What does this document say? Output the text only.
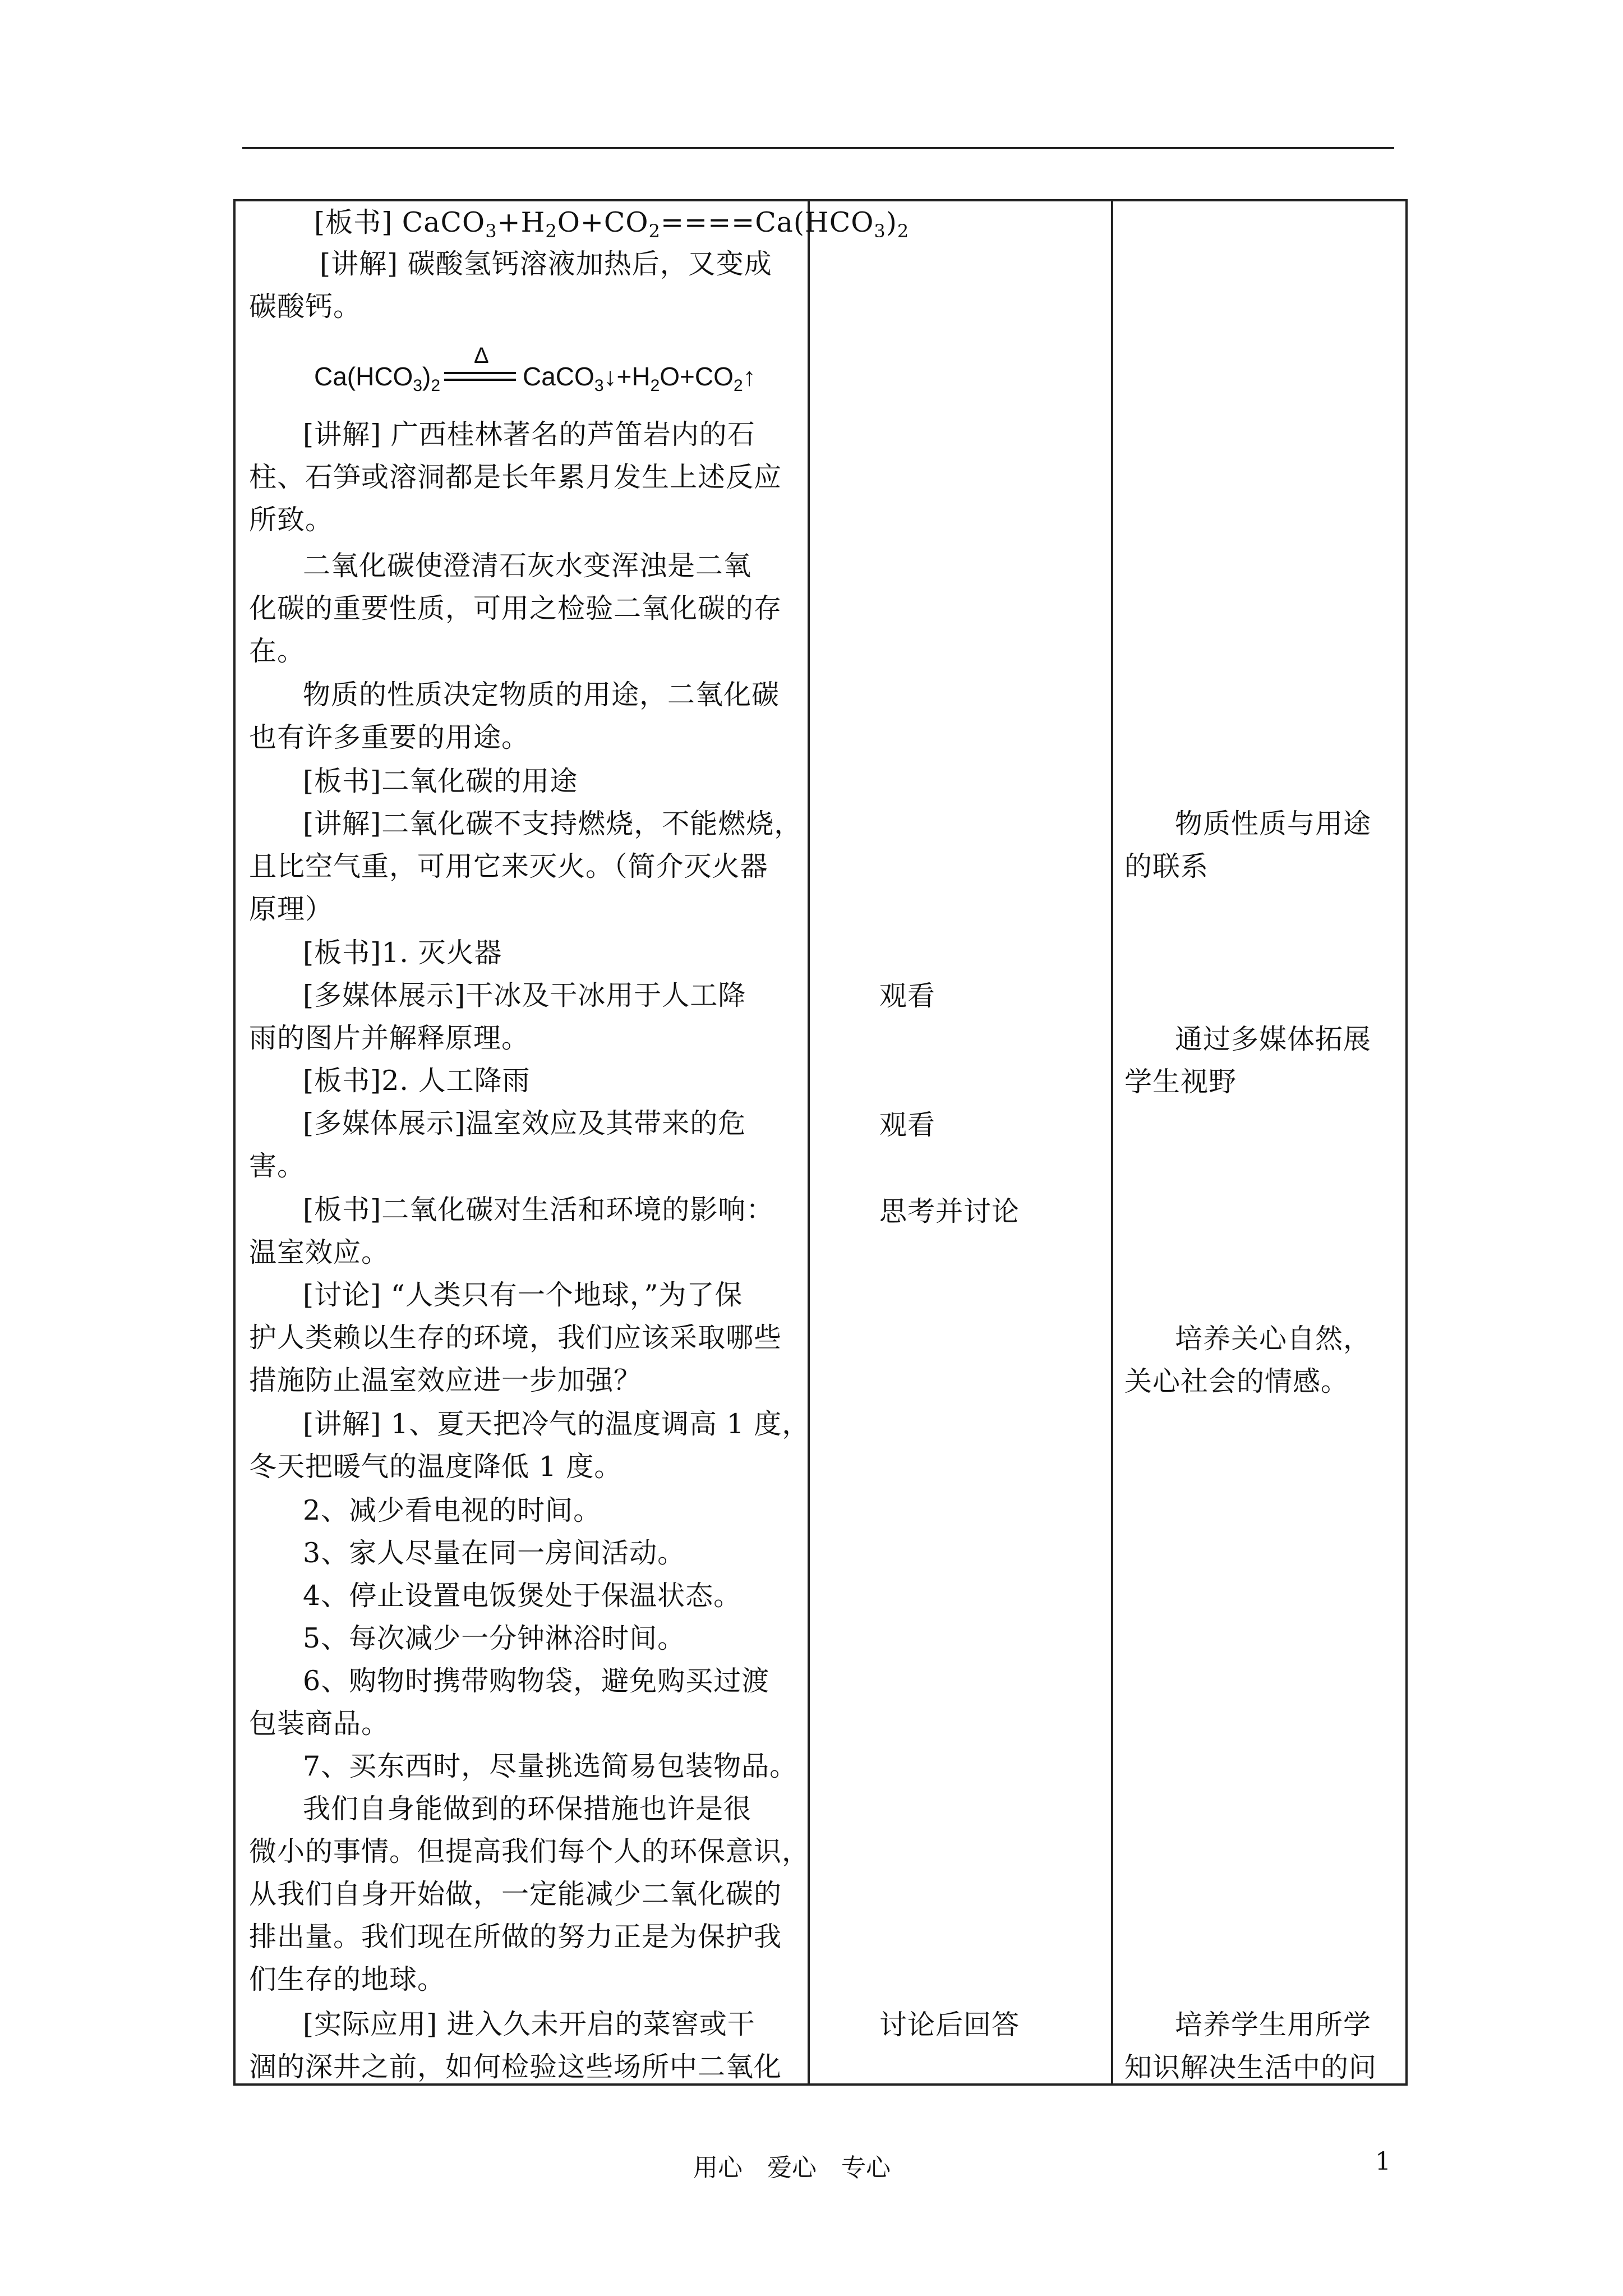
[板书] $CaCO_3+H_2O+CO_2====Ca(HCO_3)_2$
[讲解] 碳酸氢钙溶液加热后，又变成
碳酸钙。
$Ca(HCO_3)_2$
Δ
$CaCO_3↓+H_2O+CO_2↑$
[讲解] 广西桂林著名的芦笛岩内的石
柱、石笋或溶洞都是长年累月发生上述反应
所致。
二氧化碳使澄清石灰水变浑浊是二氧
化碳的重要性质，可用之检验二氧化碳的存
在。
物质的性质决定物质的用途，二氧化碳
也有许多重要的用途。
[板书]二氧化碳的用途
[讲解]二氧化碳不支持燃烧，不能燃烧，
且比空气重，可用它来灭火。（简介灭火器
原理）
[板书]1. 灭火器
[多媒体展示]干冰及干冰用于人工降
雨的图片并解释原理。
[板书]2. 人工降雨
[多媒体展示]温室效应及其带来的危
害。
[板书]二氧化碳对生活和环境的影响：
温室效应。
[讨论] “人类只有一个地球，”为了保
护人类赖以生存的环境，我们应该采取哪些
措施防止温室效应进一步加强？
[讲解] 1、夏天把冷气的温度调高 1 度，
冬天把暖气的温度降低 1 度。
2、减少看电视的时间。
3、家人尽量在同一房间活动。
4、停止设置电饭煲处于保温状态。
5、每次减少一分钟淋浴时间。
6、购物时携带购物袋，避免购买过渡
包装商品。
7、买东西时，尽量挑选简易包装物品。
我们自身能做到的环保措施也许是很
微小的事情。但提高我们每个人的环保意识，
从我们自身开始做，一定能减少二氧化碳的
排出量。我们现在所做的努力正是为保护我
们生存的地球。
[实际应用] 进入久未开启的菜窖或干
涸的深井之前，如何检验这些场所中二氧化
观看
观看
思考并讨论
讨论后回答
物质性质与用途
的联系
通过多媒体拓展
学生视野
培养关心自然，
关心社会的情感。
培养学生用所学
知识解决生活中的问
用心　爱心　专心	1
